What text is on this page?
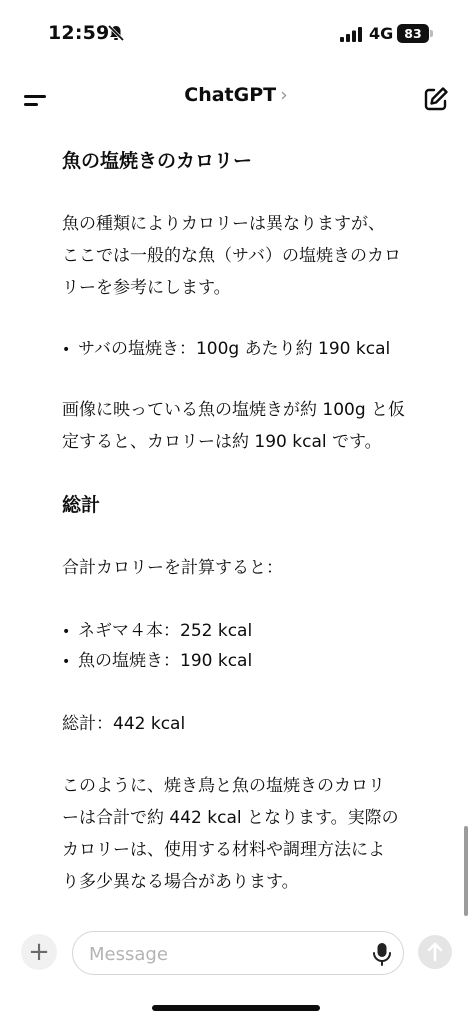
12:59	4G 83
ChatGPT ›
魚の塩焼きのカロリー
魚の種類によりカロリーは異なりますが、
ここでは一般的な魚（サバ）の塩焼きのカロ
リーを参考にします。
• サバの塩焼き：100g あたり約 190 kcal
画像に映っている魚の塩焼きが約 100g と仮
定すると、カロリーは約 190 kcal です。
総計
合計カロリーを計算すると：
• ネギマ４本：252 kcal
• 魚の塩焼き：190 kcal
総計：442 kcal
このように、焼き鳥と魚の塩焼きのカロリ
ーは合計で約 442 kcal となります。実際の
カロリーは、使用する材料や調理方法によ
り多少異なる場合があります。
+
Message
